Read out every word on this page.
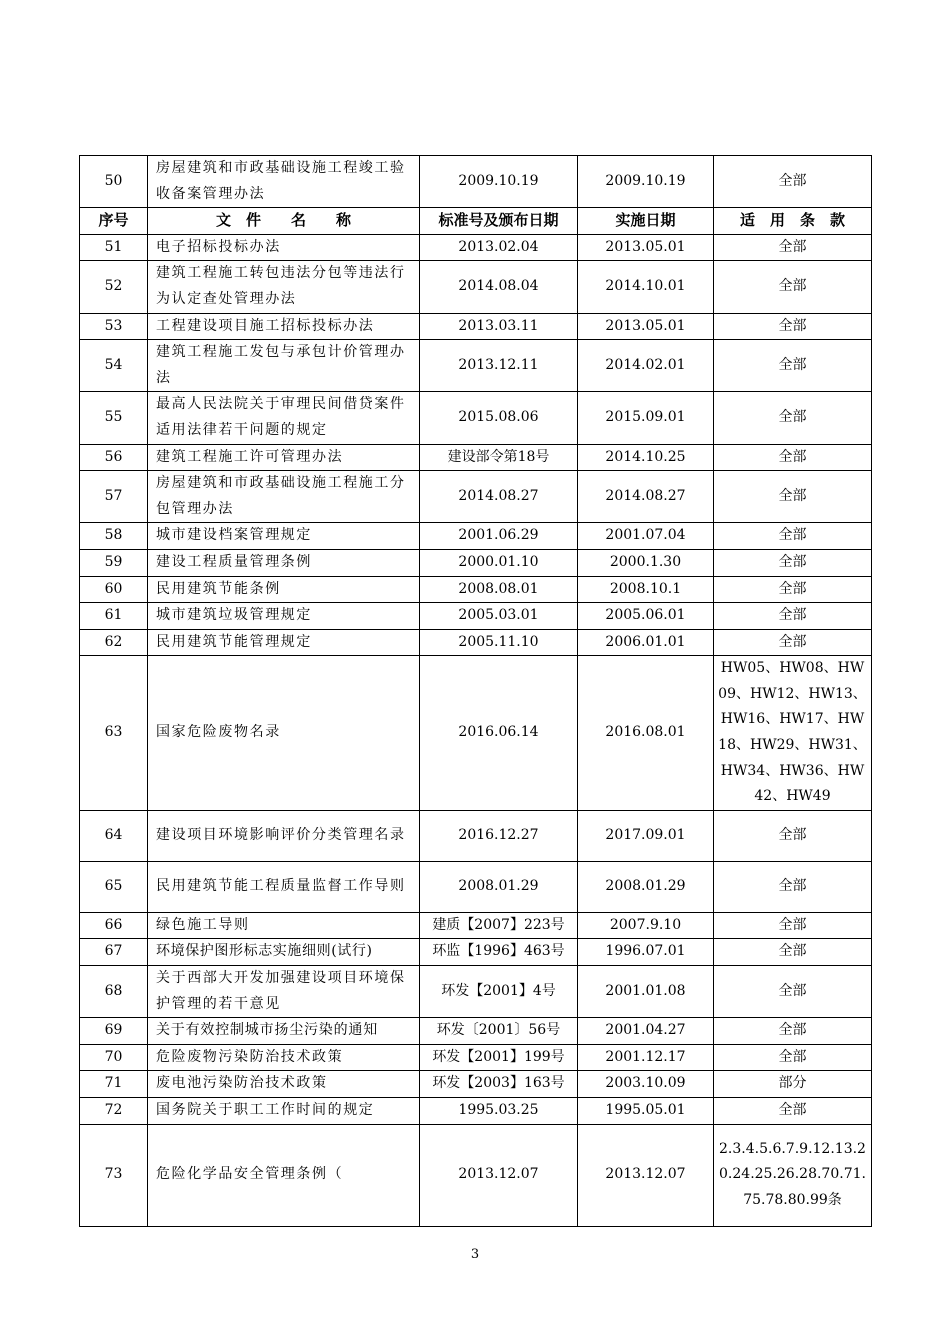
50	房屋建筑和市政基础设施工程竣工验收备案管理办法	2009.10.19	2009.10.19	全部
序号	文　件　　名　　称	标准号及颁布日期	实施日期	适　用　条　款
51	电子招标投标办法	2013.02.04	2013.05.01	全部
52	建筑工程施工转包违法分包等违法行为认定查处管理办法	2014.08.04	2014.10.01	全部
53	工程建设项目施工招标投标办法	2013.03.11	2013.05.01	全部
54	建筑工程施工发包与承包计价管理办法	2013.12.11	2014.02.01	全部
55	最高人民法院关于审理民间借贷案件适用法律若干问题的规定	2015.08.06	2015.09.01	全部
56	建筑工程施工许可管理办法	建设部令第18号	2014.10.25	全部
57	房屋建筑和市政基础设施工程施工分包管理办法	2014.08.27	2014.08.27	全部
58	城市建设档案管理规定	2001.06.29	2001.07.04	全部
59	建设工程质量管理条例	2000.01.10	2000.1.30	全部
60	民用建筑节能条例	2008.08.01	2008.10.1	全部
61	城市建筑垃圾管理规定	2005.03.01	2005.06.01	全部
62	民用建筑节能管理规定	2005.11.10	2006.01.01	全部
63	国家危险废物名录	2016.06.14	2016.08.01	HW05、HW08、HW09、HW12、HW13、HW16、HW17、HW18、HW29、HW31、HW34、HW36、HW42、HW49
64	建设项目环境影响评价分类管理名录	2016.12.27	2017.09.01	全部
65	民用建筑节能工程质量监督工作导则	2008.01.29	2008.01.29	全部
66	绿色施工导则	建质【2007】223号	2007.9.10	全部
67	环境保护图形标志实施细则(试行)	环监【1996】463号	1996.07.01	全部
68	关于西部大开发加强建设项目环境保护管理的若干意见	环发【2001】4号	2001.01.08	全部
69	关于有效控制城市扬尘污染的通知	环发〔2001〕56号	2001.04.27	全部
70	危险废物污染防治技术政策	环发【2001】199号	2001.12.17	全部
71	废电池污染防治技术政策	环发【2003】163号	2003.10.09	部分
72	国务院关于职工工作时间的规定	1995.03.25	1995.05.01	全部
73	危险化学品安全管理条例（	2013.12.07	2013.12.07	2.3.4.5.6.7.9.12.13.20.24.25.26.28.70.71.75.78.80.99条
3
